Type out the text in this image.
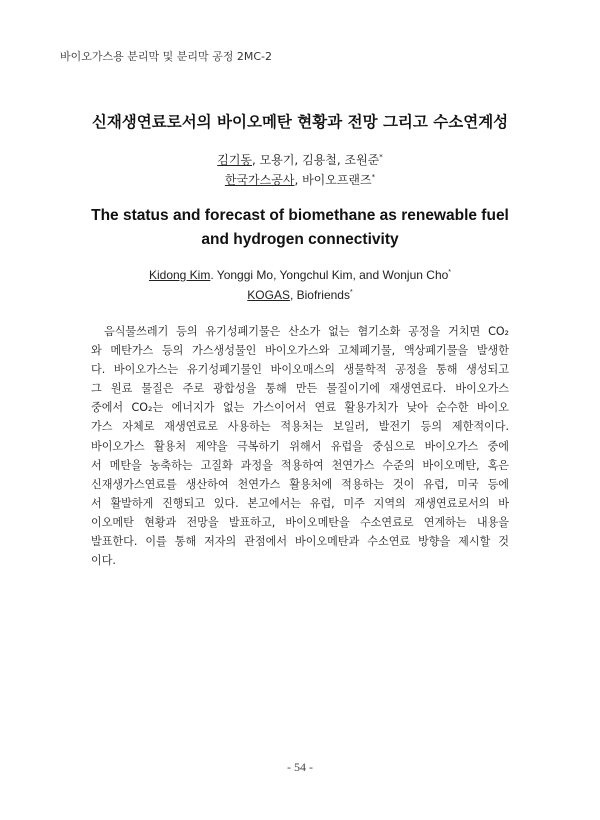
바이오가스용 분리막 및 분리막 공정 2MC-2
신재생연료로서의 바이오메탄 현황과 전망 그리고 수소연계성
김기동, 모용기, 김용철, 조원준*
한국가스공사, 바이오프랜즈*
The status and forecast of biomethane as renewable fuel
and hydrogen connectivity
Kidong Kim. Yonggi Mo, Yongchul Kim, and Wonjun Cho*
KOGAS, Biofriends*
음식물쓰레기 등의 유기성폐기물은 산소가 없는 혐기소화 공정을 거치면 CO₂
와 메탄가스 등의 가스생성물인 바이오가스와 고체폐기물, 액상폐기물을 발생한
다. 바이오가스는 유기성폐기물인 바이오매스의 생물학적 공정을 통해 생성되고
그 원료 물질은 주로 광합성을 통해 만든 물질이기에 재생연료다. 바이오가스
중에서 CO₂는 에너지가 없는 가스이어서 연료 활용가치가 낮아 순수한 바이오
가스 자체로 재생연료로 사용하는 적용처는 보일러, 발전기 등의 제한적이다.
바이오가스 활용처 제약을 극복하기 위해서 유럽을 중심으로 바이오가스 중에
서 메탄을 농축하는 고질화 과정을 적용하여 천연가스 수준의 바이오메탄, 혹은
신재생가스연료를 생산하여 천연가스 활용처에 적용하는 것이 유럽, 미국 등에
서 활발하게 진행되고 있다. 본고에서는 유럽, 미주 지역의 재생연료로서의 바
이오메탄 현황과 전망을 발표하고, 바이오메탄을 수소연료로 연계하는 내용을
발표한다. 이를 통해 저자의 관점에서 바이오메탄과 수소연료 방향을 제시할 것
이다.
- 54 -
